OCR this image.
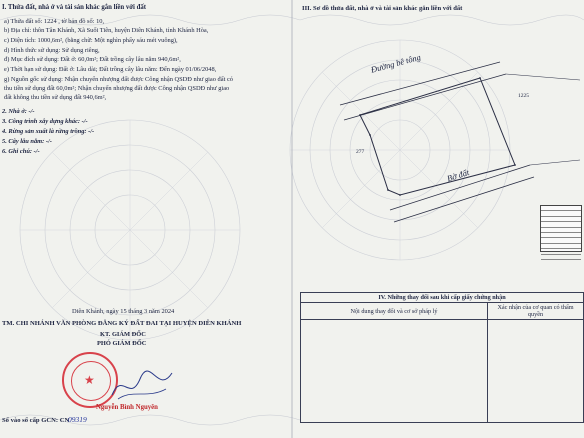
I. Thửa đất, nhà ở và tài sản khác gắn liền với đất
a) Thửa đất số: 1224 , tờ bản đồ số: 10,
b) Địa chỉ: thôn Tân Khánh, Xã Suối Tiên, huyện Diên Khánh, tỉnh Khánh Hòa,
c) Diện tích: 1000,6m², (bằng chữ: Một nghìn phẩy sáu mét vuông),
d) Hình thức sử dụng: Sử dụng riêng,
đ) Mục đích sử dụng: Đất ở: 60,0m²; Đất trồng cây lâu năm 940,6m²,
e) Thời hạn sử dụng: Đất ở: Lâu dài; Đất trồng cây lâu năm: Đến ngày 01/06/2048,
g) Nguồn gốc sử dụng: Nhận chuyển nhượng đất được Công nhận QSDĐ như giao đất có
thu tiền sử dụng đất 60,0m²; Nhận chuyển nhượng đất được Công nhận QSDĐ như giao
đất không thu tiền sử dụng đất 940,6m²,
2. Nhà ở: -/-
3. Công trình xây dựng khác: -/-
4. Rừng sản xuất là rừng trồng: -/-
5. Cây lâu năm: -/-
6. Ghi chú: -/-
Diên Khánh, ngày 15 tháng 3 năm 2024
TM. CHI NHÁNH VĂN PHÒNG ĐĂNG KÝ ĐẤT ĐAI TẠI HUYỆN DIÊN KHÁNH
KT. GIÁM ĐỐC
PHÓ GIÁM ĐỐC
★
Nguyễn Bình Nguyên
Số vào sổ cấp GCN: CN
09319
III. Sơ đồ thửa đất, nhà ở và tài sản khác gắn liền với đất
Đường bê tông
Bờ đất
1225
277
IV. Những thay đổi sau khi cấp giấy chứng nhận	
Nội dung thay đổi và cơ sở pháp lý	Xác nhận của cơ quan có thẩm quyền
